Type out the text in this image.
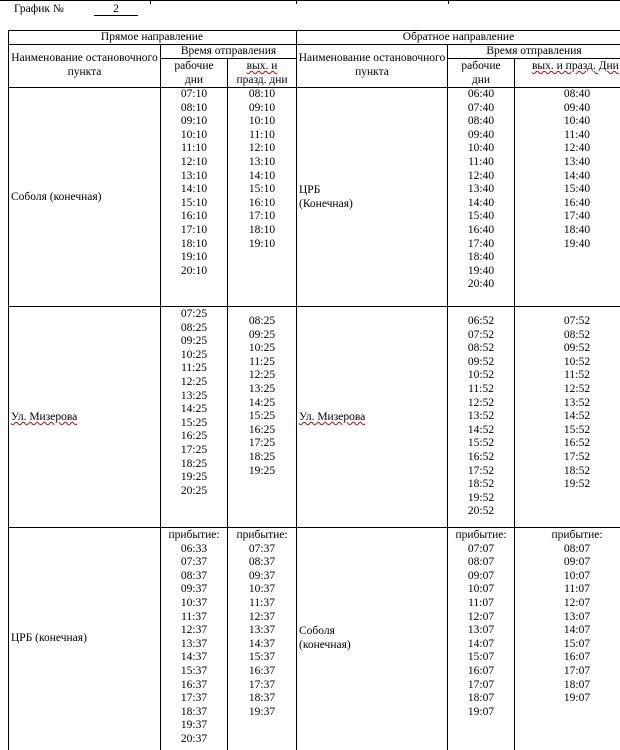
График №	2
Прямое направление	Обратное направление
Наименование остановочного пункта
Время отправления
рабочие
дни
вых. и
празд. дни
Наименование остановочного пункта
Время отправления
рабочие
дни
вых. и празд. Дни
Соболя (конечная)
07:10
08:10
09:10
10:10
11:10
12:10
13:10
14:10
15:10
16:10
17:10
18:10
19:10
20:10
08:10
09:10
10:10
11:10
12:10
13:10
14:10
15:10
16:10
17:10
18:10
19:10
ЦРБ
(Конечная)
06:40
07:40
08:40
09:40
10:40
11:40
12:40
13:40
14:40
15:40
16:40
17:40
18:40
19:40
20:40
08:40
09:40
10:40
11:40
12:40
13:40
14:40
15:40
16:40
17:40
18:40
19:40
Ул. Мизерова
07:25
08:25
09:25
10:25
11:25
12:25
13:25
14:25
15:25
16:25
17:25
18:25
19:25
20:25
08:25
09:25
10:25
11:25
12:25
13:25
14:25
15:25
16:25
17:25
18:25
19:25
Ул. Мизерова
06:52
07:52
08:52
09:52
10:52
11:52
12:52
13:52
14:52
15:52
16:52
17:52
18:52
19:52
20:52
07:52
08:52
09:52
10:52
11:52
12:52
13:52
14:52
15:52
16:52
17:52
18:52
19:52
ЦРБ (конечная)
прибытие:
06:33
07:37
08:37
09:37
10:37
11:37
12:37
13:37
14:37
15:37
16:37
17:37
18:37
19:37
20:37
прибытие:
07:37
08:37
09:37
10:37
11:37
12:37
13:37
14:37
15:37
16:37
17:37
18:37
19:37
Соболя
(конечная)
прибытие:
07:07
08:07
09:07
10:07
11:07
12:07
13:07
14:07
15:07
16:07
17:07
18:07
19:07
прибытие:
08:07
09:07
10:07
11:07
12:07
13:07
14:07
15:07
16:07
17:07
18:07
19:07
